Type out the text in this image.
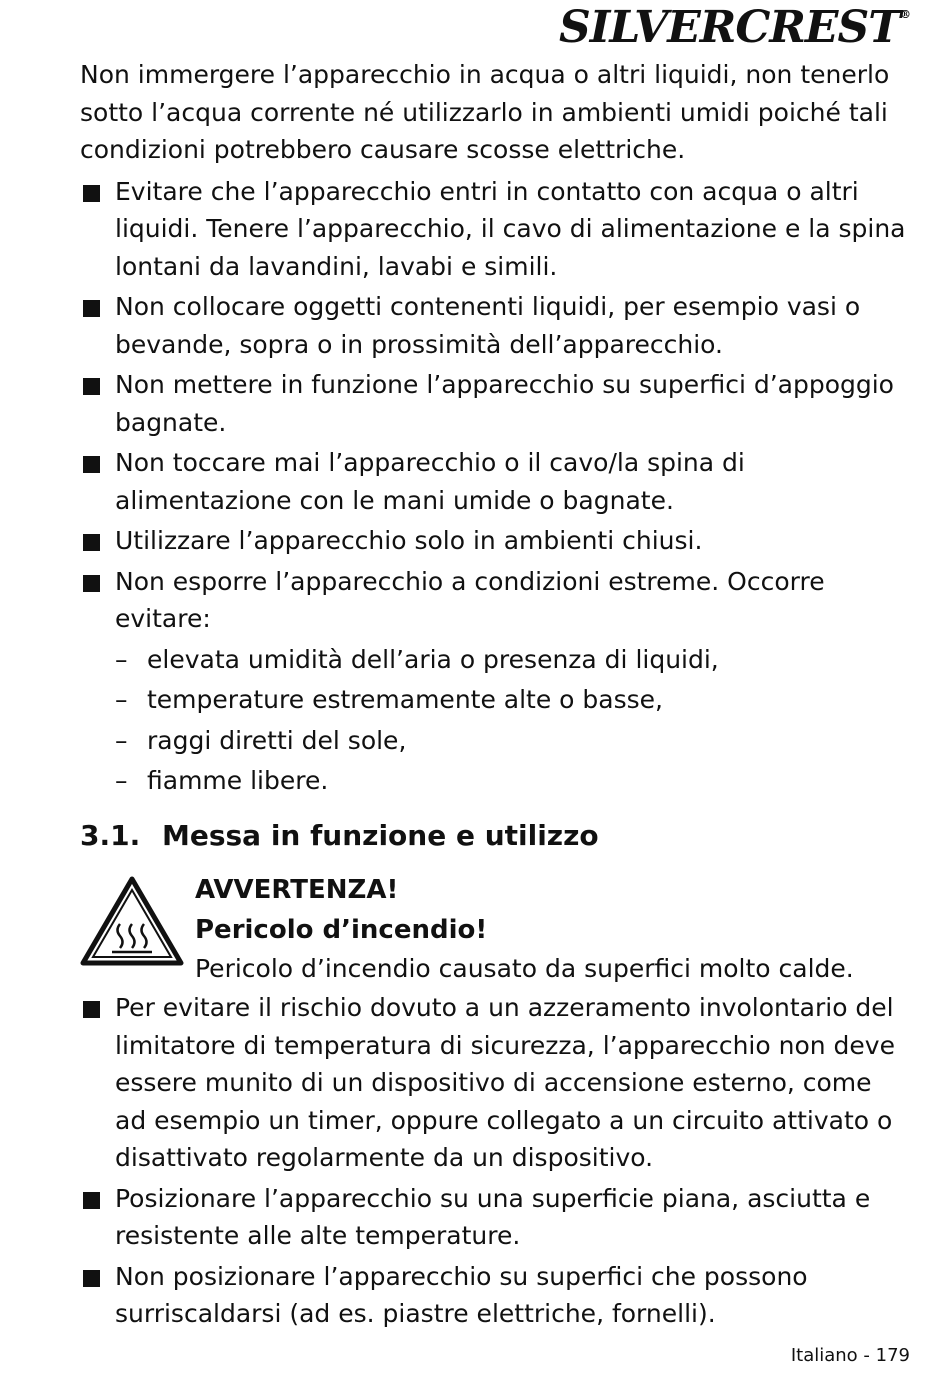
SILVERCREST®

Non immergere l’apparecchio in acqua o altri liquidi, non tenerlo sotto l’acqua corrente né utilizzarlo in ambienti umidi poiché tali condizioni potrebbero causare scosse elettriche.

Evitare che l’apparecchio entri in contatto con acqua o altri liquidi. Tenere l’apparecchio, il cavo di alimentazione e la spina lontani da lavandini, lavabi e simili.
Non collocare oggetti contenenti liquidi, per esempio vasi o bevande, sopra o in prossimità dell’apparecchio.
Non mettere in funzione l’apparecchio su superfici d’appoggio bagnate.
Non toccare mai l’apparecchio o il cavo/la spina di alimentazione con le mani umide o bagnate.
Utilizzare l’apparecchio solo in ambienti chiusi.
Non esporre l’apparecchio a condizioni estreme. Occorre evitare:
– elevata umidità dell’aria o presenza di liquidi,
– temperature estremamente alte o basse,
– raggi diretti del sole,
– fiamme libere.
3.1. Messa in funzione e utilizzo
AVVERTENZA!
Pericolo d’incendio!
Pericolo d’incendio causato da superfici molto calde.
Per evitare il rischio dovuto a un azzeramento involontario del limitatore di temperatura di sicurezza, l’apparecchio non deve essere munito di un dispositivo di accensione esterno, come ad esempio un timer, oppure collegato a un circuito attivato o disattivato regolarmente da un dispositivo.
Posizionare l’apparecchio su una superficie piana, asciutta e resistente alle alte temperature.
Non posizionare l’apparecchio su superfici che possono surriscaldarsi (ad es. piastre elettriche, fornelli).
Italiano - 179
